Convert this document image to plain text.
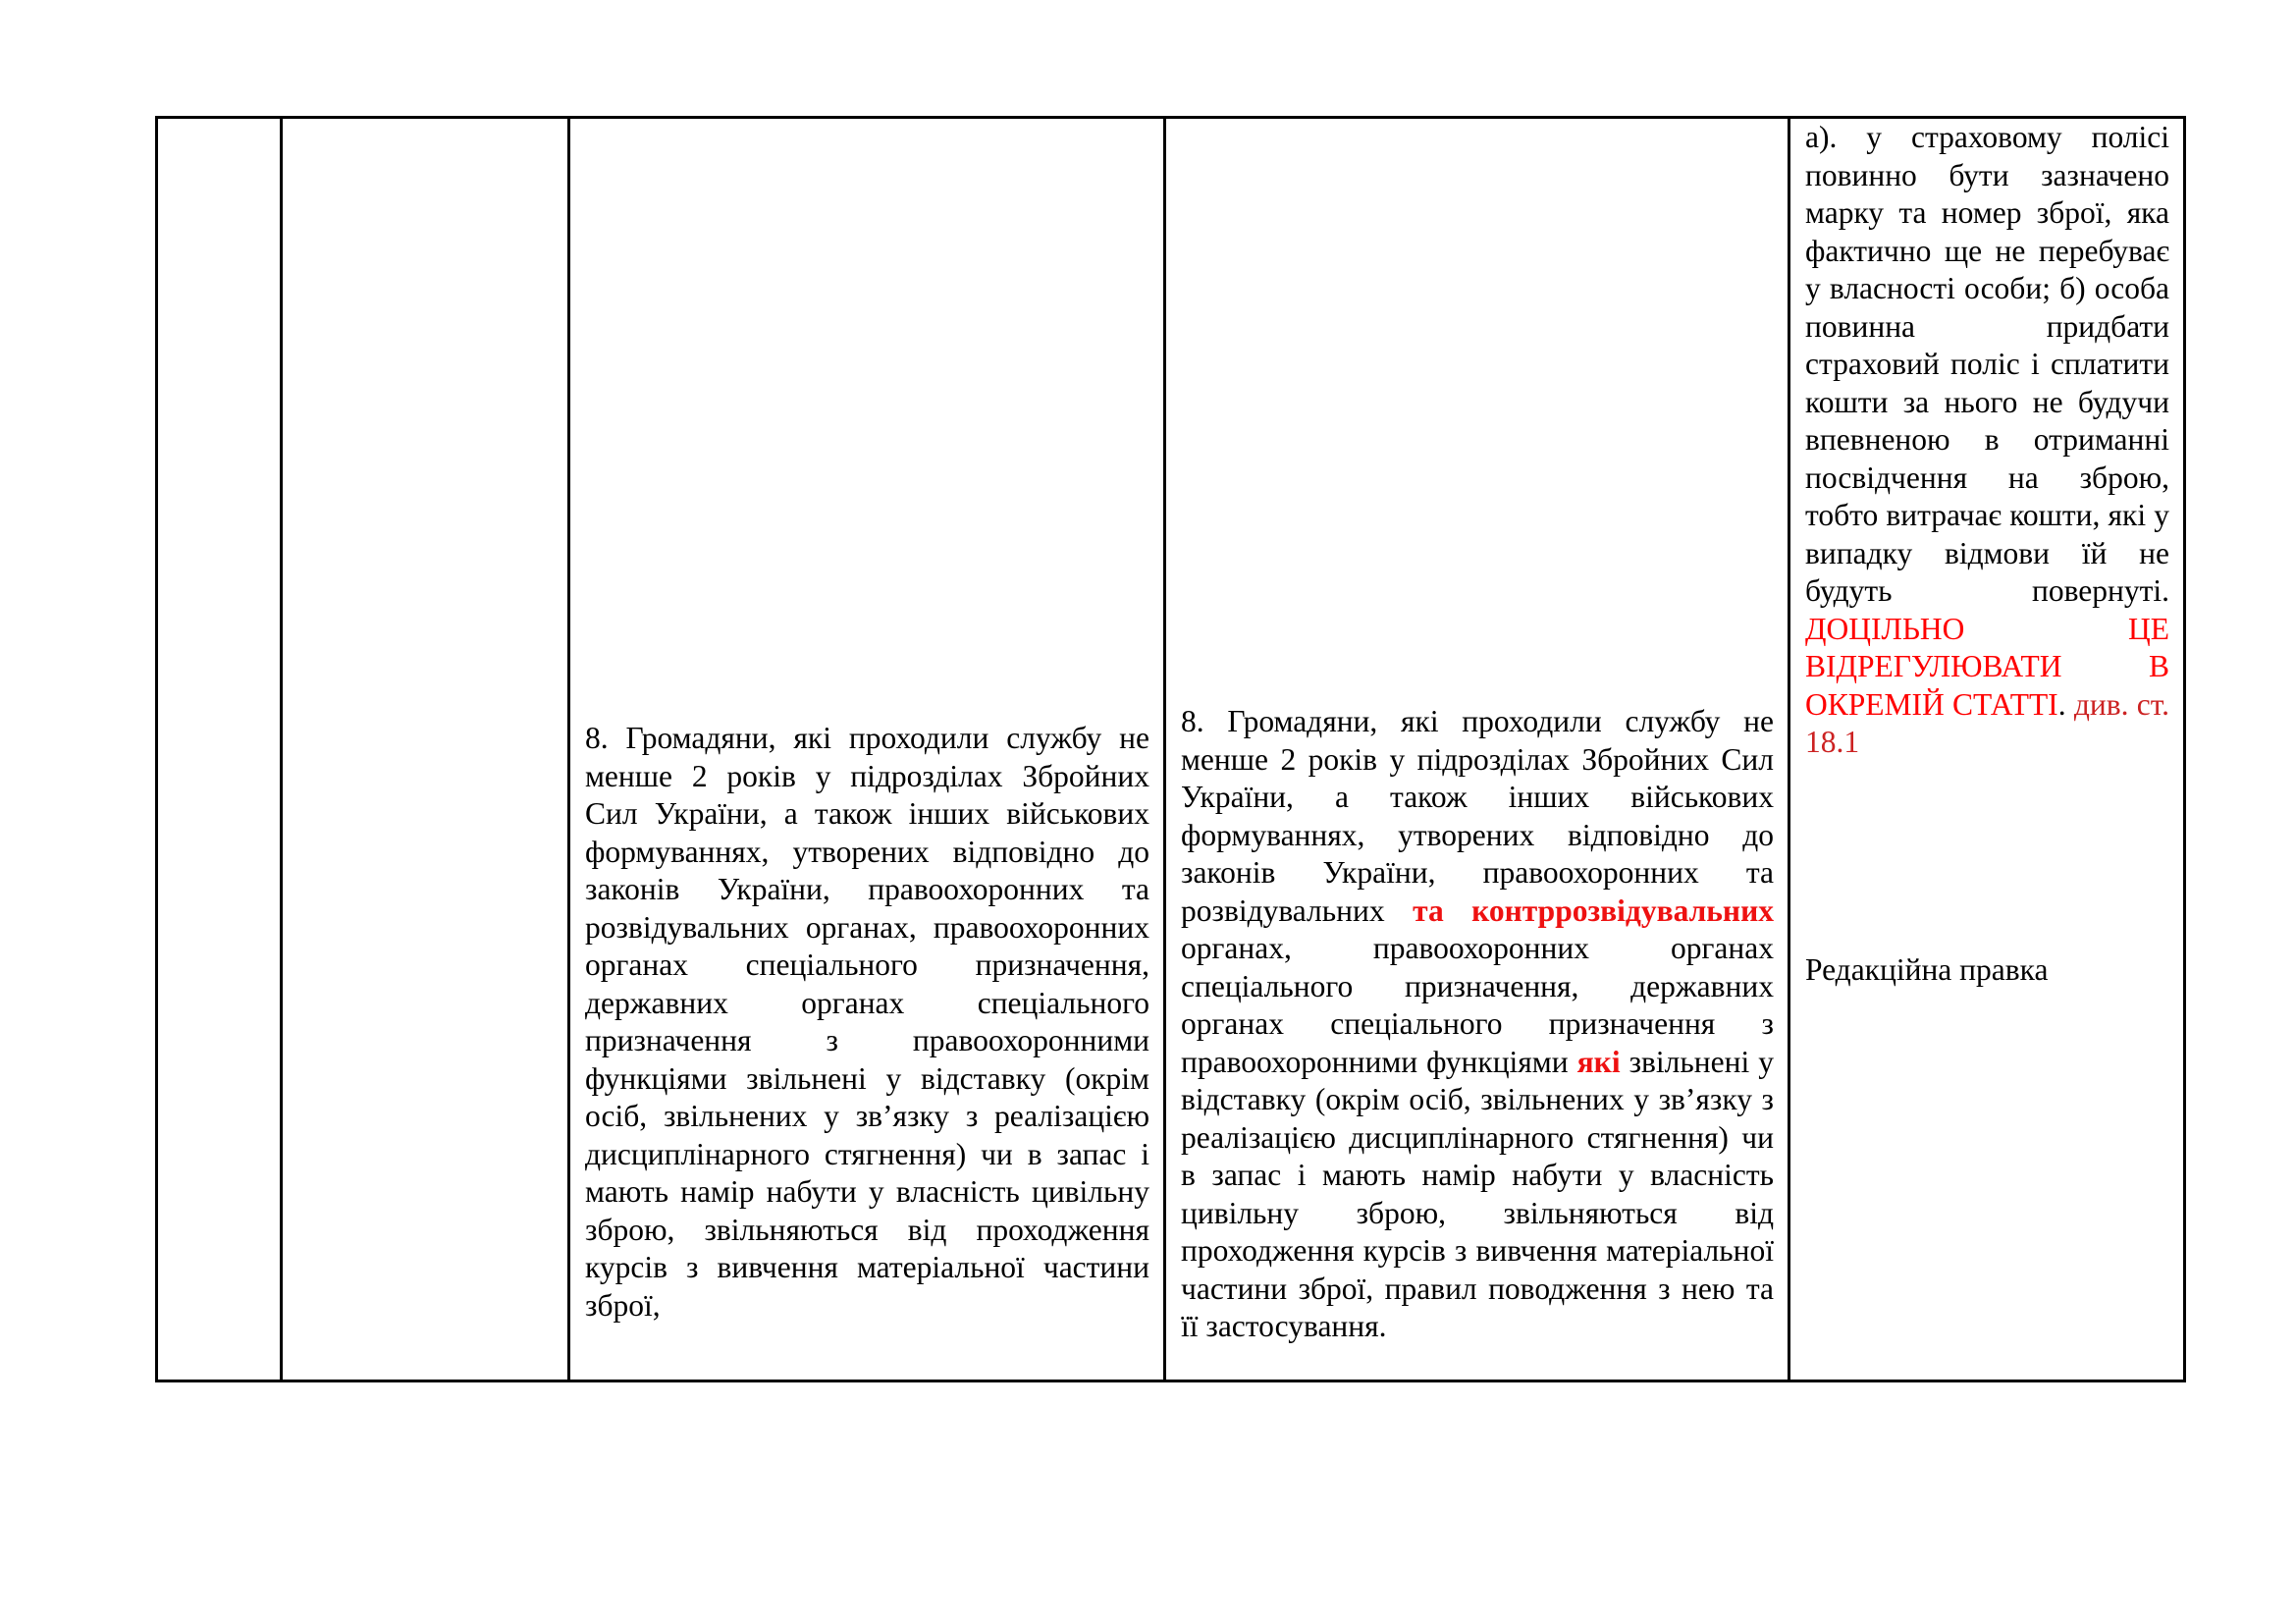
8. Громадяни, які проходили службу не менше 2 років у підрозділах Збройних Сил України, а також інших військових формуваннях, утворених відповідно до законів України, правоохоронних та розвідувальних органах, правоохоронних органах спеціального призначення, державних органах спеціального призначення з правоохоронними функціями звільнені у відставку (окрім осіб, звільнених у зв’язку з реалізацією дисциплінарного стягнення) чи в запас і мають намір набути у власність цивільну зброю, звільняються від проходження курсів з вивчення матеріальної частини зброї,

8. Громадяни, які проходили службу не менше 2 років у підрозділах Збройних Сил України, а також інших військових формуваннях, утворених відповідно до законів України, правоохоронних та розвідувальних та контррозвідувальних органах, правоохоронних органах спеціального призначення, державних органах спеціального призначення з правоохоронними функціями які звільнені у відставку (окрім осіб, звільнених у зв’язку з реалізацією дисциплінарного стягнення) чи в запас і мають намір набути у власність цивільну зброю, звільняються від проходження курсів з вивчення матеріальної частини зброї, правил поводження з нею та її застосування.

а). у страховому полісі повинно бути зазначено марку та номер зброї, яка фактично ще не перебуває у власності особи; б) особа повинна придбати страховий поліс і сплатити кошти за нього не будучи впевненою в отриманні посвідчення на зброю, тобто витрачає кошти, які у випадку відмови їй не будуть повернуті. ДОЦІЛЬНО ЦЕ ВІДРЕГУЛЮВАТИ В ОКРЕМІЙ СТАТТІ. див. ст. 18.1

Редакційна правка
